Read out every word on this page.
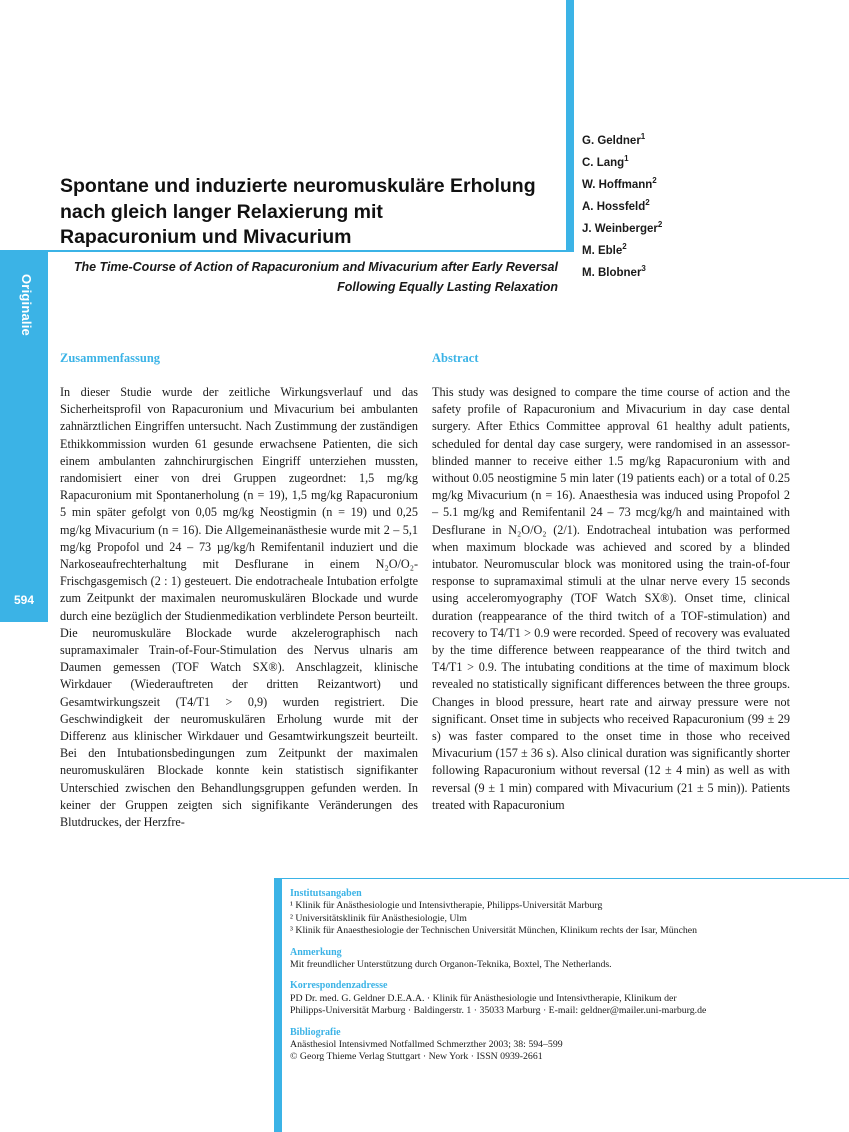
Originalie
594
G. Geldner$^1$
C. Lang$^1$
W. Hoffmann$^2$
A. Hossfeld$^2$
J. Weinberger$^2$
M. Eble$^2$
M. Blobner$^3$
Spontane und induzierte neuromuskuläre Erholung
nach gleich langer Relaxierung mit
Rapacuronium und Mivacurium

The Time-Course of Action of Rapacuronium and Mivacurium after Early Reversal
Following Equally Lasting Relaxation

Zusammenfassung	Abstract

In dieser Studie wurde der zeitliche Wirkungsverlauf und das Sicherheitsprofil von Rapacuronium und Mivacurium bei ambulanten zahnärztlichen Eingriffen untersucht. Nach Zustimmung der zuständigen Ethikkommission wurden 61 gesunde erwachsene Patienten, die sich einem ambulanten zahnchirurgischen Eingriff unterziehen mussten, randomisiert einer von drei Gruppen zugeordnet: 1,5 mg/kg Rapacuronium mit Spontanerholung (n = 19), 1,5 mg/kg Rapacuronium 5 min später gefolgt von 0,05 mg/kg Neostigmin (n = 19) und 0,25 mg/kg Mivacurium (n = 16). Die Allgemeinanästhesie wurde mit 2 – 5,1 mg/kg Propofol und 24 – 73 µg/kg/h Remifentanil induziert und die Narkoseaufrechterhaltung mit Desflurane in einem N₂O/O₂-Frischgasgemisch (2 : 1) gesteuert. Die endotracheale Intubation erfolgte zum Zeitpunkt der maximalen neuromuskulären Blockade und wurde durch eine bezüglich der Studienmedikation verblindete Person beurteilt. Die neuromuskuläre Blockade wurde akzelerographisch nach supramaximaler Train-of-Four-Stimulation des Nervus ulnaris am Daumen gemessen (TOF Watch SX®). Anschlagzeit, klinische Wirkdauer (Wiederauftreten der dritten Reizantwort) und Gesamtwirkungszeit (T4/T1 > 0,9) wurden registriert. Die Geschwindigkeit der neuromuskulären Erholung wurde mit der Differenz aus klinischer Wirkdauer und Gesamtwirkungszeit beurteilt. Bei den Intubationsbedingungen zum Zeitpunkt der maximalen neuromuskulären Blockade konnte kein statistisch signifikanter Unterschied zwischen den Behandlungsgruppen gefunden werden. In keiner der Gruppen zeigten sich signifikante Veränderungen des Blutdruckes, der Herzfre-

This study was designed to compare the time course of action and the safety profile of Rapacuronium and Mivacurium in day case dental surgery. After Ethics Committee approval 61 healthy adult patients, scheduled for dental day case surgery, were randomised in an assessor-blinded manner to receive either 1.5 mg/kg Rapacuronium with and without 0.05 neostigmine 5 min later (19 patients each) or a total of 0.25 mg/kg Mivacurium (n = 16). Anaesthesia was induced using Propofol 2 – 5.1 mg/kg and Remifentanil 24 – 73 mcg/kg/h and maintained with Desflurane in N₂O/O₂ (2/1). Endotracheal intubation was performed when maximum blockade was achieved and scored by a blinded intubator. Neuromuscular block was monitored using the train-of-four response to supramaximal stimuli at the ulnar nerve every 15 seconds using acceleromyography (TOF Watch SX®). Onset time, clinical duration (reappearance of the third twitch of a TOF-stimulation) and recovery to T4/T1 > 0.9 were recorded. Speed of recovery was evaluated by the time difference between reappearance of the third twitch and T4/T1 > 0.9. The intubating conditions at the time of maximum block revealed no statistically significant differences between the three groups. Changes in blood pressure, heart rate and airway pressure were not significant. Onset time in subjects who received Rapacuronium (99 ± 29 s) was faster compared to the onset time in those who received Mivacurium (157 ± 36 s). Also clinical duration was significantly shorter following Rapacuronium without reversal (12 ± 4 min) as well as with reversal (9 ± 1 min) compared with Mivacurium (21 ± 5 min)). Patients treated with Rapacuronium

Institutsangaben

¹ Klinik für Anästhesiologie und Intensivtherapie, Philipps-Universität Marburg

² Universitätsklinik für Anästhesiologie, Ulm

³ Klinik für Anaesthesiologie der Technischen Universität München, Klinikum rechts der Isar, München

Anmerkung

Mit freundlicher Unterstützung durch Organon-Teknika, Boxtel, The Netherlands.

Korrespondenzadresse

PD Dr. med. G. Geldner D.E.A.A. · Klinik für Anästhesiologie und Intensivtherapie, Klinikum der

Philipps-Universität Marburg · Baldingerstr. 1 · 35033 Marburg · E-mail: geldner@mailer.uni-marburg.de

Bibliografie

Anästhesiol Intensivmed Notfallmed Schmerzther 2003; 38: 594–599

© Georg Thieme Verlag Stuttgart · New York · ISSN 0939-2661
